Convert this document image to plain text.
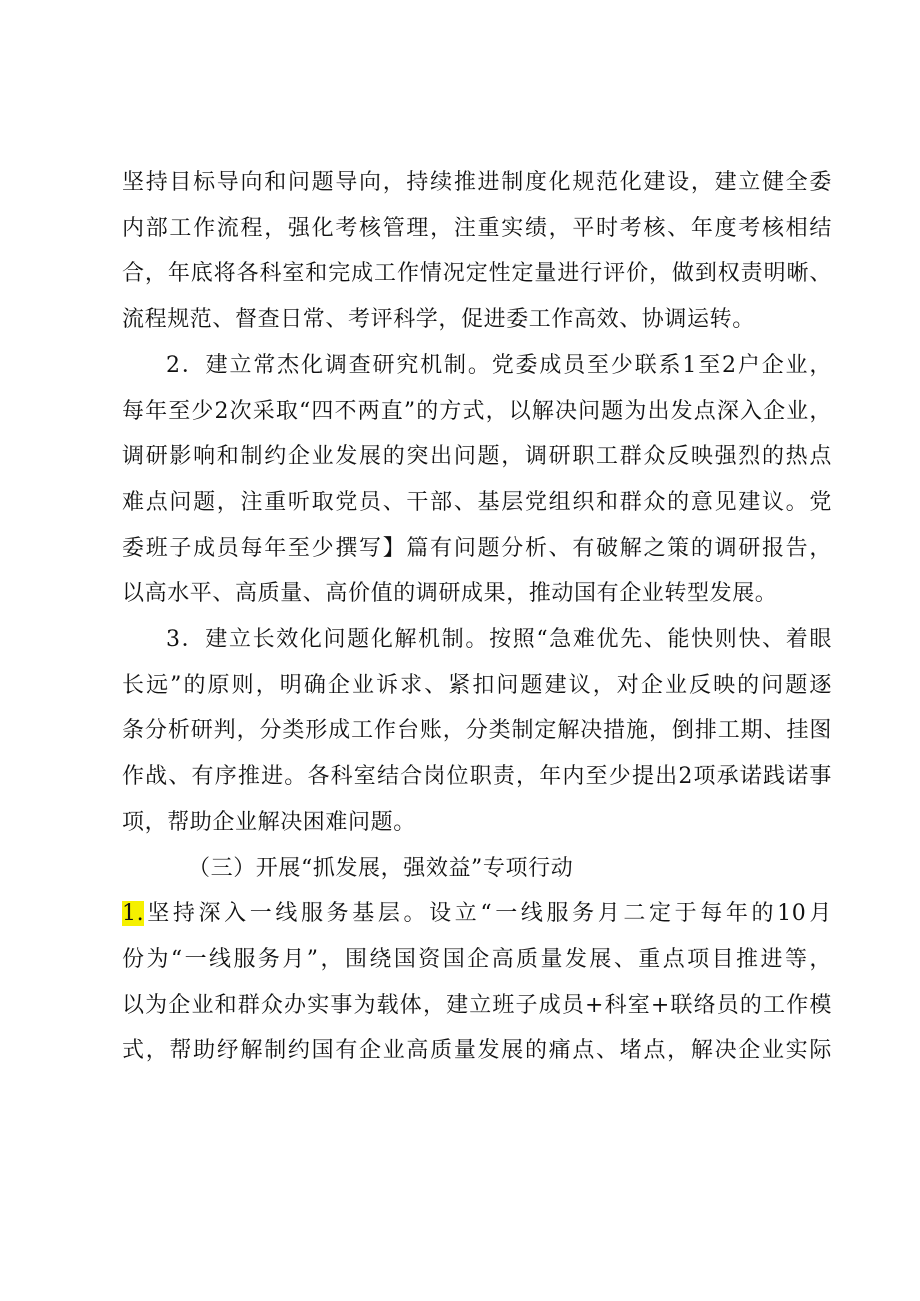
坚持目标导向和问题导向，持续推进制度化规范化建设，建立健全委
内部工作流程，强化考核管理，注重实绩，平时考核、年度考核相结
合，年底将各科室和完成工作情况定性定量进行评价，做到权责明晰、
流程规范、督查日常、考评科学，促进委工作高效、协调运转。
2．建立常杰化调查研究机制。党委成员至少联系1至2户企业，
每年至少2次采取“四不两直”的方式，以解决问题为出发点深入企业，
调研影响和制约企业发展的突出问题，调研职工群众反映强烈的热点
难点问题，注重听取党员、干部、基层党组织和群众的意见建议。党
委班子成员每年至少撰写】篇有问题分析、有破解之策的调研报告，
以高水平、高质量、高价值的调研成果，推动国有企业转型发展。
3．建立长效化问题化解机制。按照“急难优先、能快则快、着眼
长远”的原则，明确企业诉求、紧扣问题建议，对企业反映的问题逐
条分析研判，分类形成工作台账，分类制定解决措施，倒排工期、挂图
作战、有序推进。各科室结合岗位职责，年内至少提出2项承诺践诺事
项，帮助企业解决困难问题。
（三）开展“抓发展，强效益”专项行动
1.坚持深入一线服务基层。设立“一线服务月二定于每年的10月
份为“一线服务月”，围绕国资国企高质量发展、重点项目推进等，
以为企业和群众办实事为载体，建立班子成员+科室+联络员的工作模
式，帮助纾解制约国有企业高质量发展的痛点、堵点，解决企业实际
